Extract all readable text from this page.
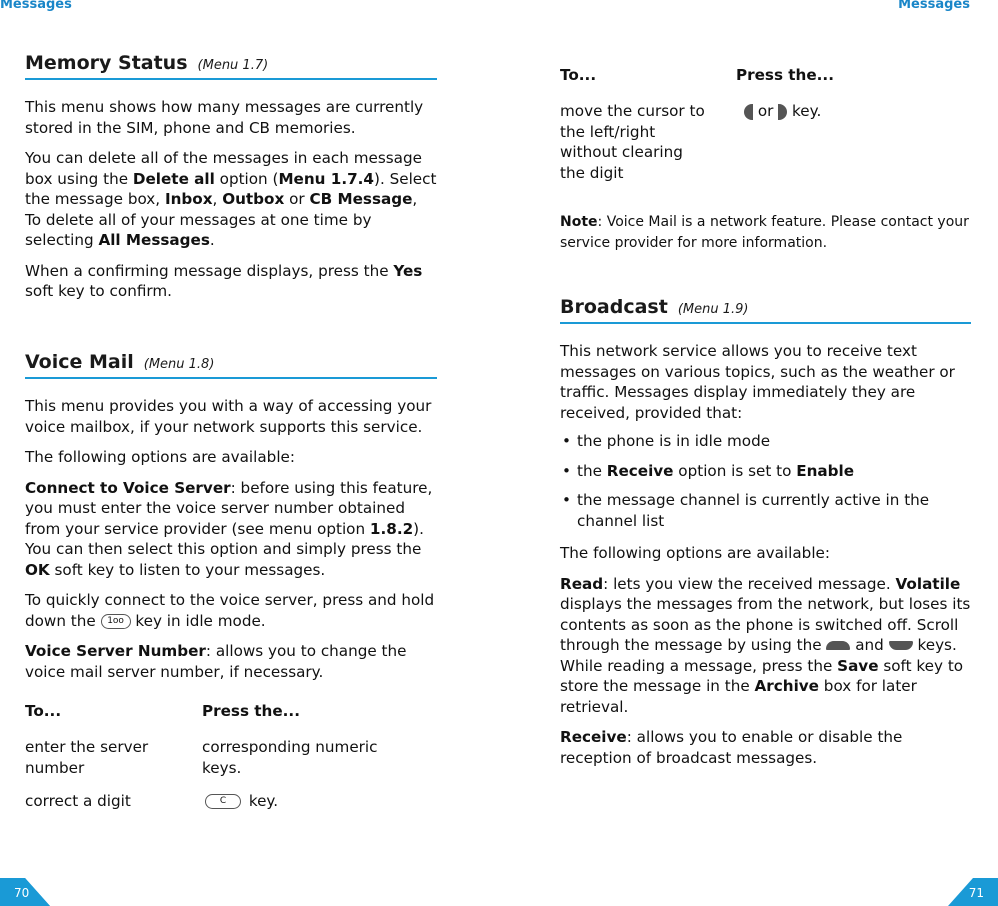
Messages
Memory Status (Menu 1.7)

This menu shows how many messages are currently stored in the SIM, phone and CB memories.

You can delete all of the messages in each message box using the Delete all option (Menu 1.7.4). Select the message box, Inbox, Outbox or CB Message, To delete all of your messages at one time by selecting All Messages.

When a confirming message displays, press the Yes soft key to confirm.

Voice Mail (Menu 1.8)

This menu provides you with a way of accessing your voice mailbox, if your network supports this service.

The following options are available:

Connect to Voice Server: before using this feature, you must enter the voice server number obtained from your service provider (see menu option 1.8.2). You can then select this option and simply press the OK soft key to listen to your messages.

To quickly connect to the voice server, press and hold down the 1oo key in idle mode.

Voice Server Number: allows you to change the voice mail server number, if necessary.

To...	Press the...
enter the server number	corresponding numeric keys.
correct a digit	C key.
70
Messages
To...	Press the...
move the cursor to the left/right without clearing the digit	or  key.

Note: Voice Mail is a network feature. Please contact your service provider for more information.

Broadcast (Menu 1.9)

This network service allows you to receive text messages on various topics, such as the weather or traffic. Messages display immediately they are received, provided that:

• the phone is in idle mode
• the Receive option is set to Enable
• the message channel is currently active in the channel list

The following options are available:

Read: lets you view the received message. Volatile displays the messages from the network, but loses its contents as soon as the phone is switched off. Scroll through the message by using the  and  keys. While reading a message, press the Save soft key to store the message in the Archive box for later retrieval.

Receive: allows you to enable or disable the reception of broadcast messages.

71
